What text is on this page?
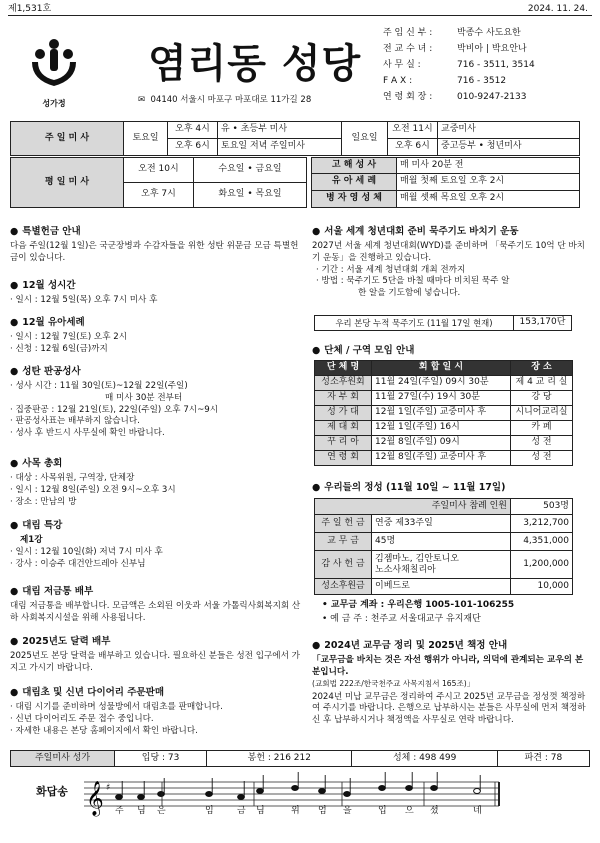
제1,531호	2024. 11. 24.
성가정
염리동 성당
✉ 04140 서울시 마포구 마포대로 11가길 28
주 임 신 부 :	박종수 사도요한
전 교 수 녀 :	박비아 | 박요안나
사 무 실 :	716 - 3511, 3514
F A X :	716 - 3512
연 령 회 장 :	010-9247-2133
주 일 미 사	토요일	오후 4시	유 • 초등부 미사	일요일	오전 11시	교중미사
		오후 6시	토요일 저녁 주일미사		오후 6시	중고등부 • 청년미사
평 일 미 사	오전 10시	수요일 • 금요일
	오후 7시	화요일 • 목요일
고 해 성 사	매 미사 20분 전
유 아 세 례	매월 첫째 토요일 오후 2시
병 자 영 성 체	매월 셋째 목요일 오후 2시
● 특별헌금 안내

다음 주일(12월 1일)은 국군장병과 수감자들을 위한 성탄 위문금 모금 특별헌금이 있습니다.

● 12월 성시간

· 일시 : 12월 5일(목) 오후 7시 미사 후

● 12월 유아세례

· 일시 : 12월 7일(토) 오후 2시

· 신청 : 12월 6일(금)까지

● 성탄 판공성사

· 성사 시간 : 11월 30일(토)~12월 22일(주일)

매 미사 30분 전부터

· 집중판공 : 12월 21일(토), 22일(주일) 오후 7시~9시

· 판공성사표는 배부하지 않습니다.

· 성사 후 반드시 사무실에 확인 바랍니다.

● 사목 총회

· 대상 : 사목위원, 구역장, 단체장

· 일시 : 12월 8일(주일) 오전 9시~오후 3시

· 장소 : 만남의 방

● 대림 특강

제1강

· 일시 : 12월 10일(화) 저녁 7시 미사 후

· 강사 : 이승주 대건안드레아 신부님

● 대림 저금통 배부

대림 저금통을 배부합니다. 모금액은 소외된 이웃과 서울 가톨릭사회복지회 산하 사회복지시설을 위해 사용됩니다.

● 2025년도 달력 배부

2025년도 본당 달력을 배부하고 있습니다. 필요하신 분들은 성전 입구에서 가지고 가시기 바랍니다.

● 대림초 및 신년 다이어리 주문판매

· 대림 시기를 준비하며 성물방에서 대림초를 판매합니다.

· 신년 다이어리도 주문 접수 중입니다.

· 자세한 내용은 본당 홈페이지에서 확인 바랍니다.

● 서울 세계 청년대회 준비 묵주기도 바치기 운동

2027년 서울 세계 청년대회(WYD)를 준비하며 「묵주기도 10억 단 바치기 운동」을 진행하고 있습니다.

· 기간 : 서울 세계 청년대회 개최 전까지

· 방법 : 묵주기도 5단을 바칠 때마다 비치된 묵주 알

한 알을 기도함에 넣습니다.

우리 본당 누적 묵주기도 (11월 17일 현재)	153,170단
● 단체 / 구역 모임 안내
단 체 명	회 합 일 시	장 소
성소후원회	11월 24일(주일) 09시 30분	제 4 교 리 실
자 부 회	11월 27일(수) 19시 30분	강 당
성 가 대	12월 1일(주일) 교중미사 후	시니어교리실
제 대 회	12월 1일(주일) 16시	카 페
꾸 리 아	12월 8일(주일) 09시	성 전
연 령 회	12월 8일(주일) 교중미사 후	성 전
● 우리들의 정성 (11월 10일 ~ 11월 17일)
주일미사 참례 인원		503명
주 일 헌 금	연중 제33주일	3,212,700
교 무 금	45명	4,351,000
감 사 헌 금	김젬마노, 김안토니오
노소사채칠리아	1,200,000
성소후원금	이베드로	10,000
• 교무금 계좌 : 우리은행 1005-101-106255
• 예 금 주 : 천주교 서울대교구 유지재단
● 2024년 교무금 정리 및 2025년 책정 안내

「교무금을 바치는 것은 자선 행위가 아니라, 의덕에 관계되는 교우의 본분입니다.

(교회법 222조/한국천주교 사목지침서 165조)」

2024년 미납 교무금은 정리하여 주시고 2025년 교무금을 정성껏 책정하여 주시기를 바랍니다. 은행으로 납부하시는 분들은 사무실에 먼저 책정하신 후 납부하시거나 책정액을 사무실로 연락 바랍니다.

주일미사 성가	입당 : 73	봉헌 : 216 212	성체 : 498 499	파견 : 78
화답송 𝄞 ♯
주 님 은	임	금 님	위 엄 을	입 으 셨	네
